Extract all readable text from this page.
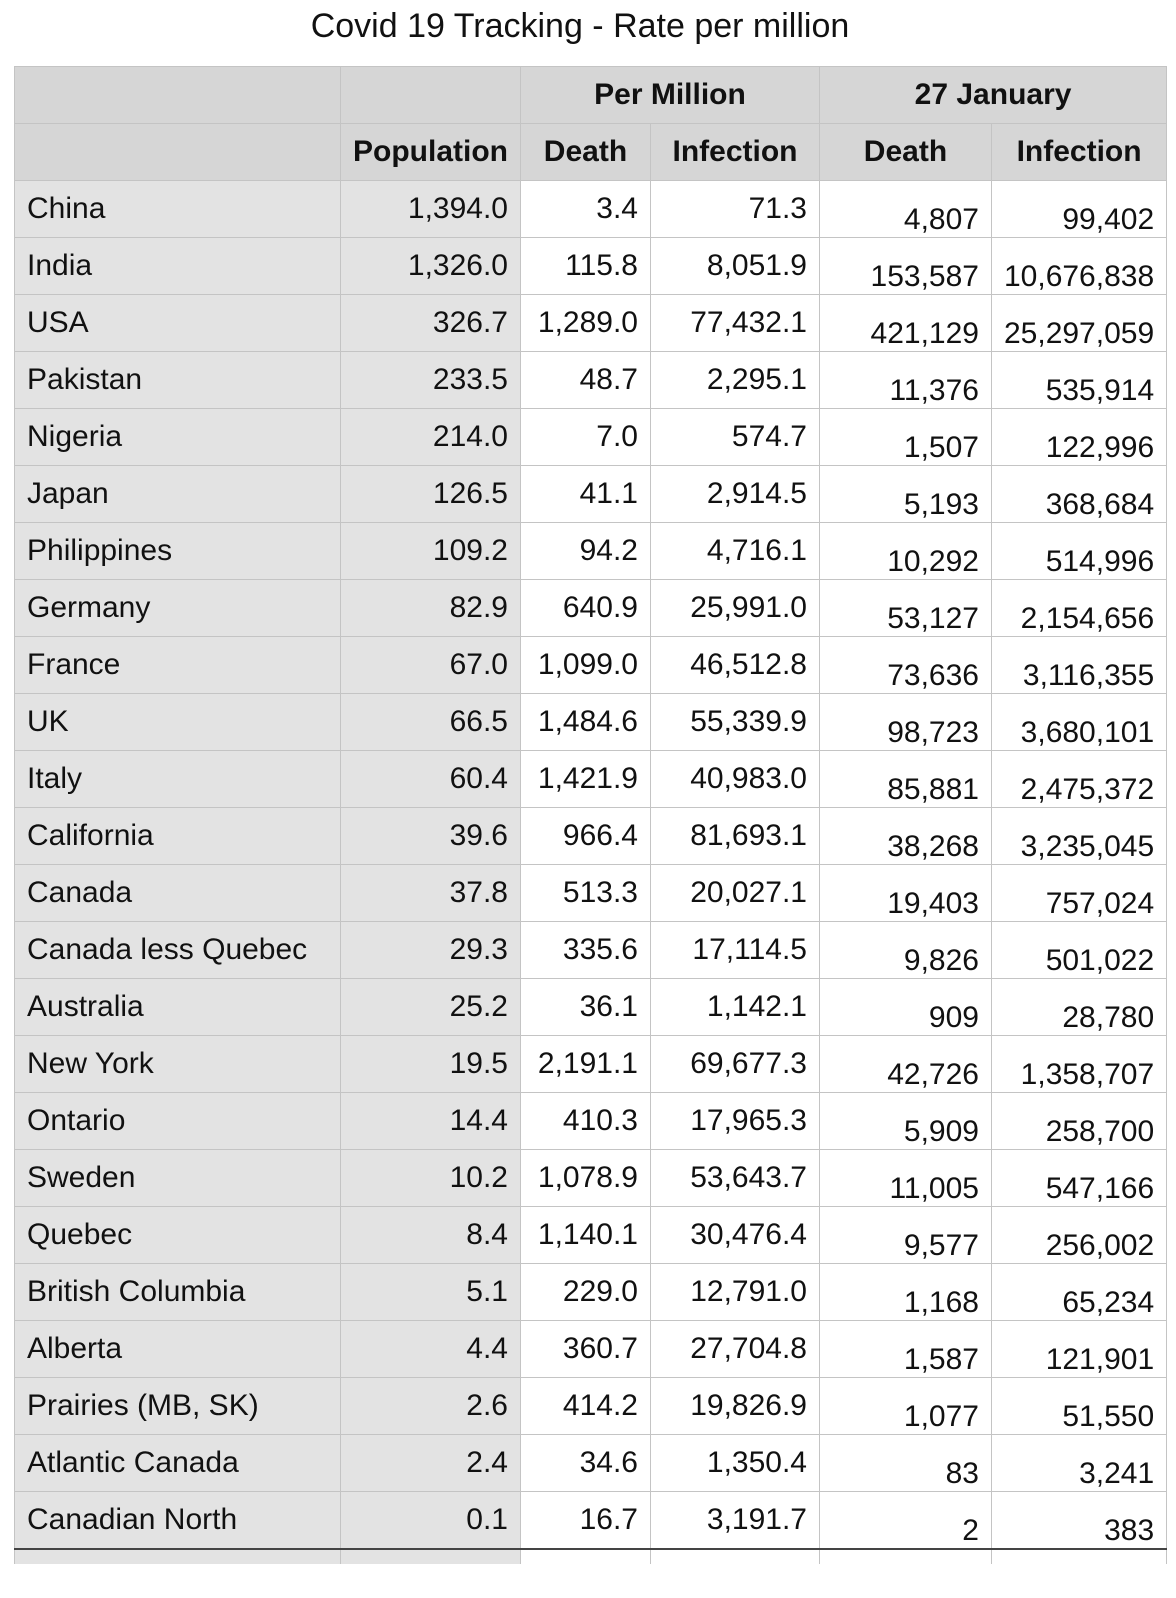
Covid 19 Tracking - Rate per million
		Per Million		27 January	
	Population	Death	Infection	Death	Infection
China	1,394.0	3.4	71.3	4,807	99,402
India	1,326.0	115.8	8,051.9	153,587	10,676,838
USA	326.7	1,289.0	77,432.1	421,129	25,297,059
Pakistan	233.5	48.7	2,295.1	11,376	535,914
Nigeria	214.0	7.0	574.7	1,507	122,996
Japan	126.5	41.1	2,914.5	5,193	368,684
Philippines	109.2	94.2	4,716.1	10,292	514,996
Germany	82.9	640.9	25,991.0	53,127	2,154,656
France	67.0	1,099.0	46,512.8	73,636	3,116,355
UK	66.5	1,484.6	55,339.9	98,723	3,680,101
Italy	60.4	1,421.9	40,983.0	85,881	2,475,372
California	39.6	966.4	81,693.1	38,268	3,235,045
Canada	37.8	513.3	20,027.1	19,403	757,024
Canada less Quebec	29.3	335.6	17,114.5	9,826	501,022
Australia	25.2	36.1	1,142.1	909	28,780
New York	19.5	2,191.1	69,677.3	42,726	1,358,707
Ontario	14.4	410.3	17,965.3	5,909	258,700
Sweden	10.2	1,078.9	53,643.7	11,005	547,166
Quebec	8.4	1,140.1	30,476.4	9,577	256,002
British Columbia	5.1	229.0	12,791.0	1,168	65,234
Alberta	4.4	360.7	27,704.8	1,587	121,901
Prairies (MB, SK)	2.6	414.2	19,826.9	1,077	51,550
Atlantic Canada	2.4	34.6	1,350.4	83	3,241
Canadian North	0.1	16.7	3,191.7	2	383
